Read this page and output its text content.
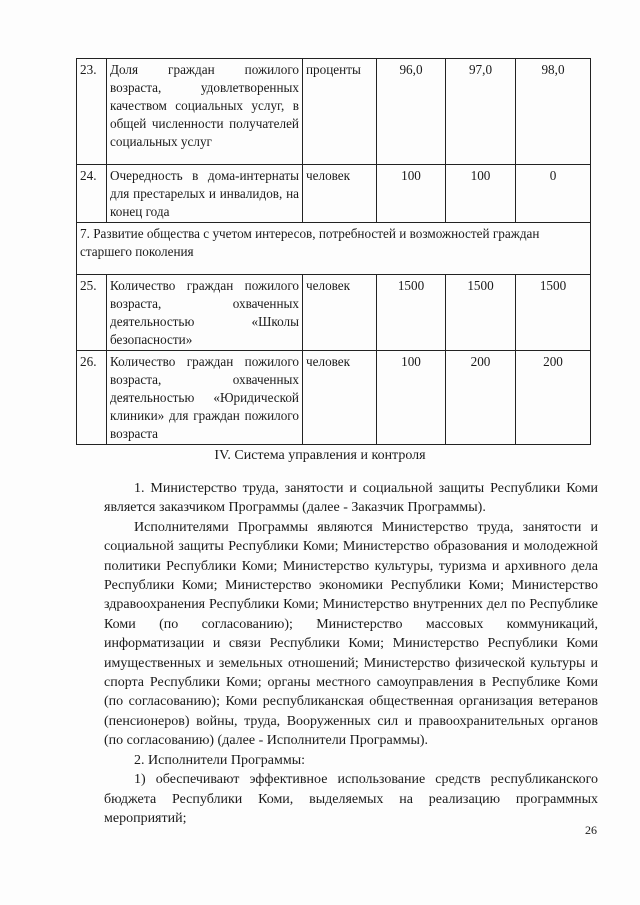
23.	Доля граждан пожилого возраста, удовлетворенных качеством социальных услуг, в общей численности получателей социальных услуг	проценты	96,0	97,0	98,0
24.	Очередность в дома-интернаты для престарелых и инвалидов, на конец года	человек	100	100	0
7. Развитие общества с учетом интересов, потребностей и возможностей граждан старшего поколения					
25.	Количество граждан пожилого возраста, охваченных деятельностью «Школы безопасности»	человек	1500	1500	1500
26.	Количество граждан пожилого возраста, охваченных деятельностью «Юридической клиники» для граждан пожилого возраста	человек	100	200	200
IV. Система управления и контроля

1. Министерство труда, занятости и социальной защиты Республики Коми является заказчиком Программы (далее - Заказчик Программы).

Исполнителями Программы являются Министерство труда, занятости и социальной защиты Республики Коми; Министерство образования и молодежной политики Республики Коми; Министерство культуры, туризма и архивного дела Республики Коми; Министерство экономики Республики Коми; Министерство здравоохранения Республики Коми; Министерство внутренних дел по Республике Коми (по согласованию); Министерство массовых коммуникаций, информатизации и связи Республики Коми; Министерство Республики Коми имущественных и земельных отношений; Министерство физической культуры и спорта Республики Коми; органы местного самоуправления в Республике Коми (по согласованию); Коми республиканская общественная организация ветеранов (пенсионеров) войны, труда, Вооруженных сил и правоохранительных органов (по согласованию) (далее - Исполнители Программы).

2. Исполнители Программы:

1) обеспечивают эффективное использование средств республиканского бюджета Республики Коми, выделяемых на реализацию программных мероприятий;

26
